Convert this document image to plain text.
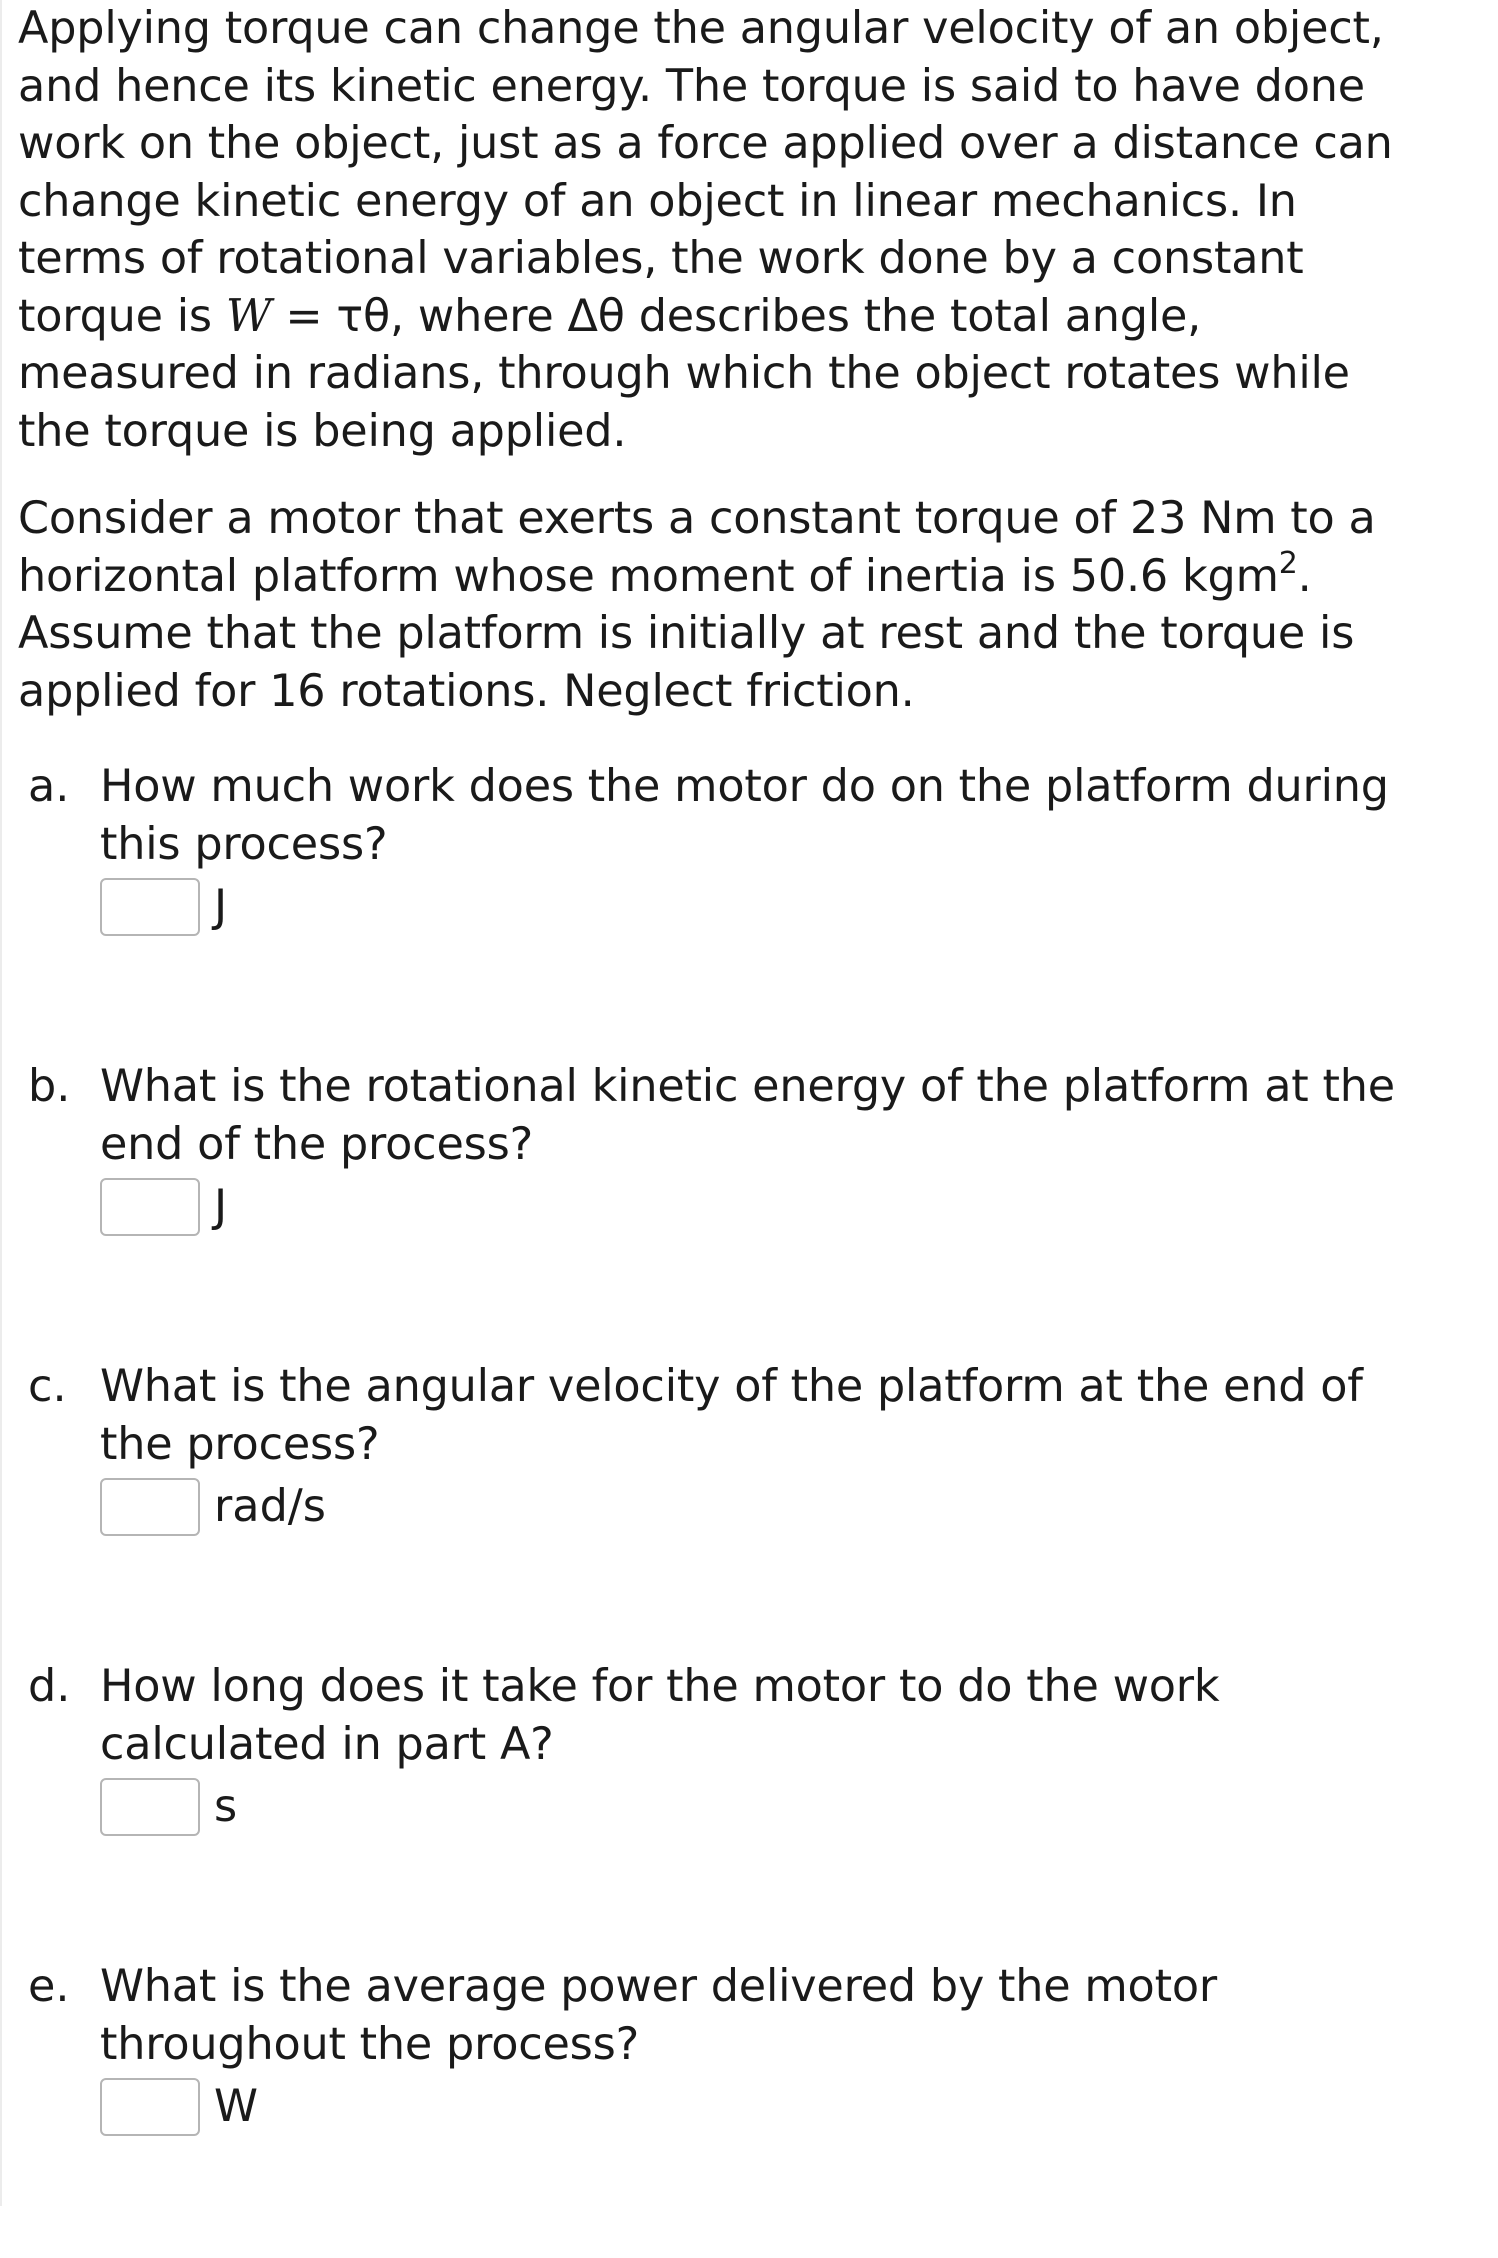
Applying torque can change the angular velocity of an object, and hence its kinetic energy. The torque is said to have done work on the object, just as a force applied over a distance can change kinetic energy of an object in linear mechanics. In terms of rotational variables, the work done by a constant torque is W = τθ, where Δθ describes the total angle, measured in radians, through which the object rotates while the torque is being applied.

Consider a motor that exerts a constant torque of 23 Nm to a horizontal platform whose moment of inertia is 50.6 kgm$^2$. Assume that the platform is initially at rest and the torque is applied for 16 rotations. Neglect friction.

a. How much work does the motor do on the platform during this process?
J
b. What is the rotational kinetic energy of the platform at the end of the process?
J
c. What is the angular velocity of the platform at the end of the process?
rad/s
d. How long does it take for the motor to do the work calculated in part A?
s
e. What is the average power delivered by the motor throughout the process?
W
